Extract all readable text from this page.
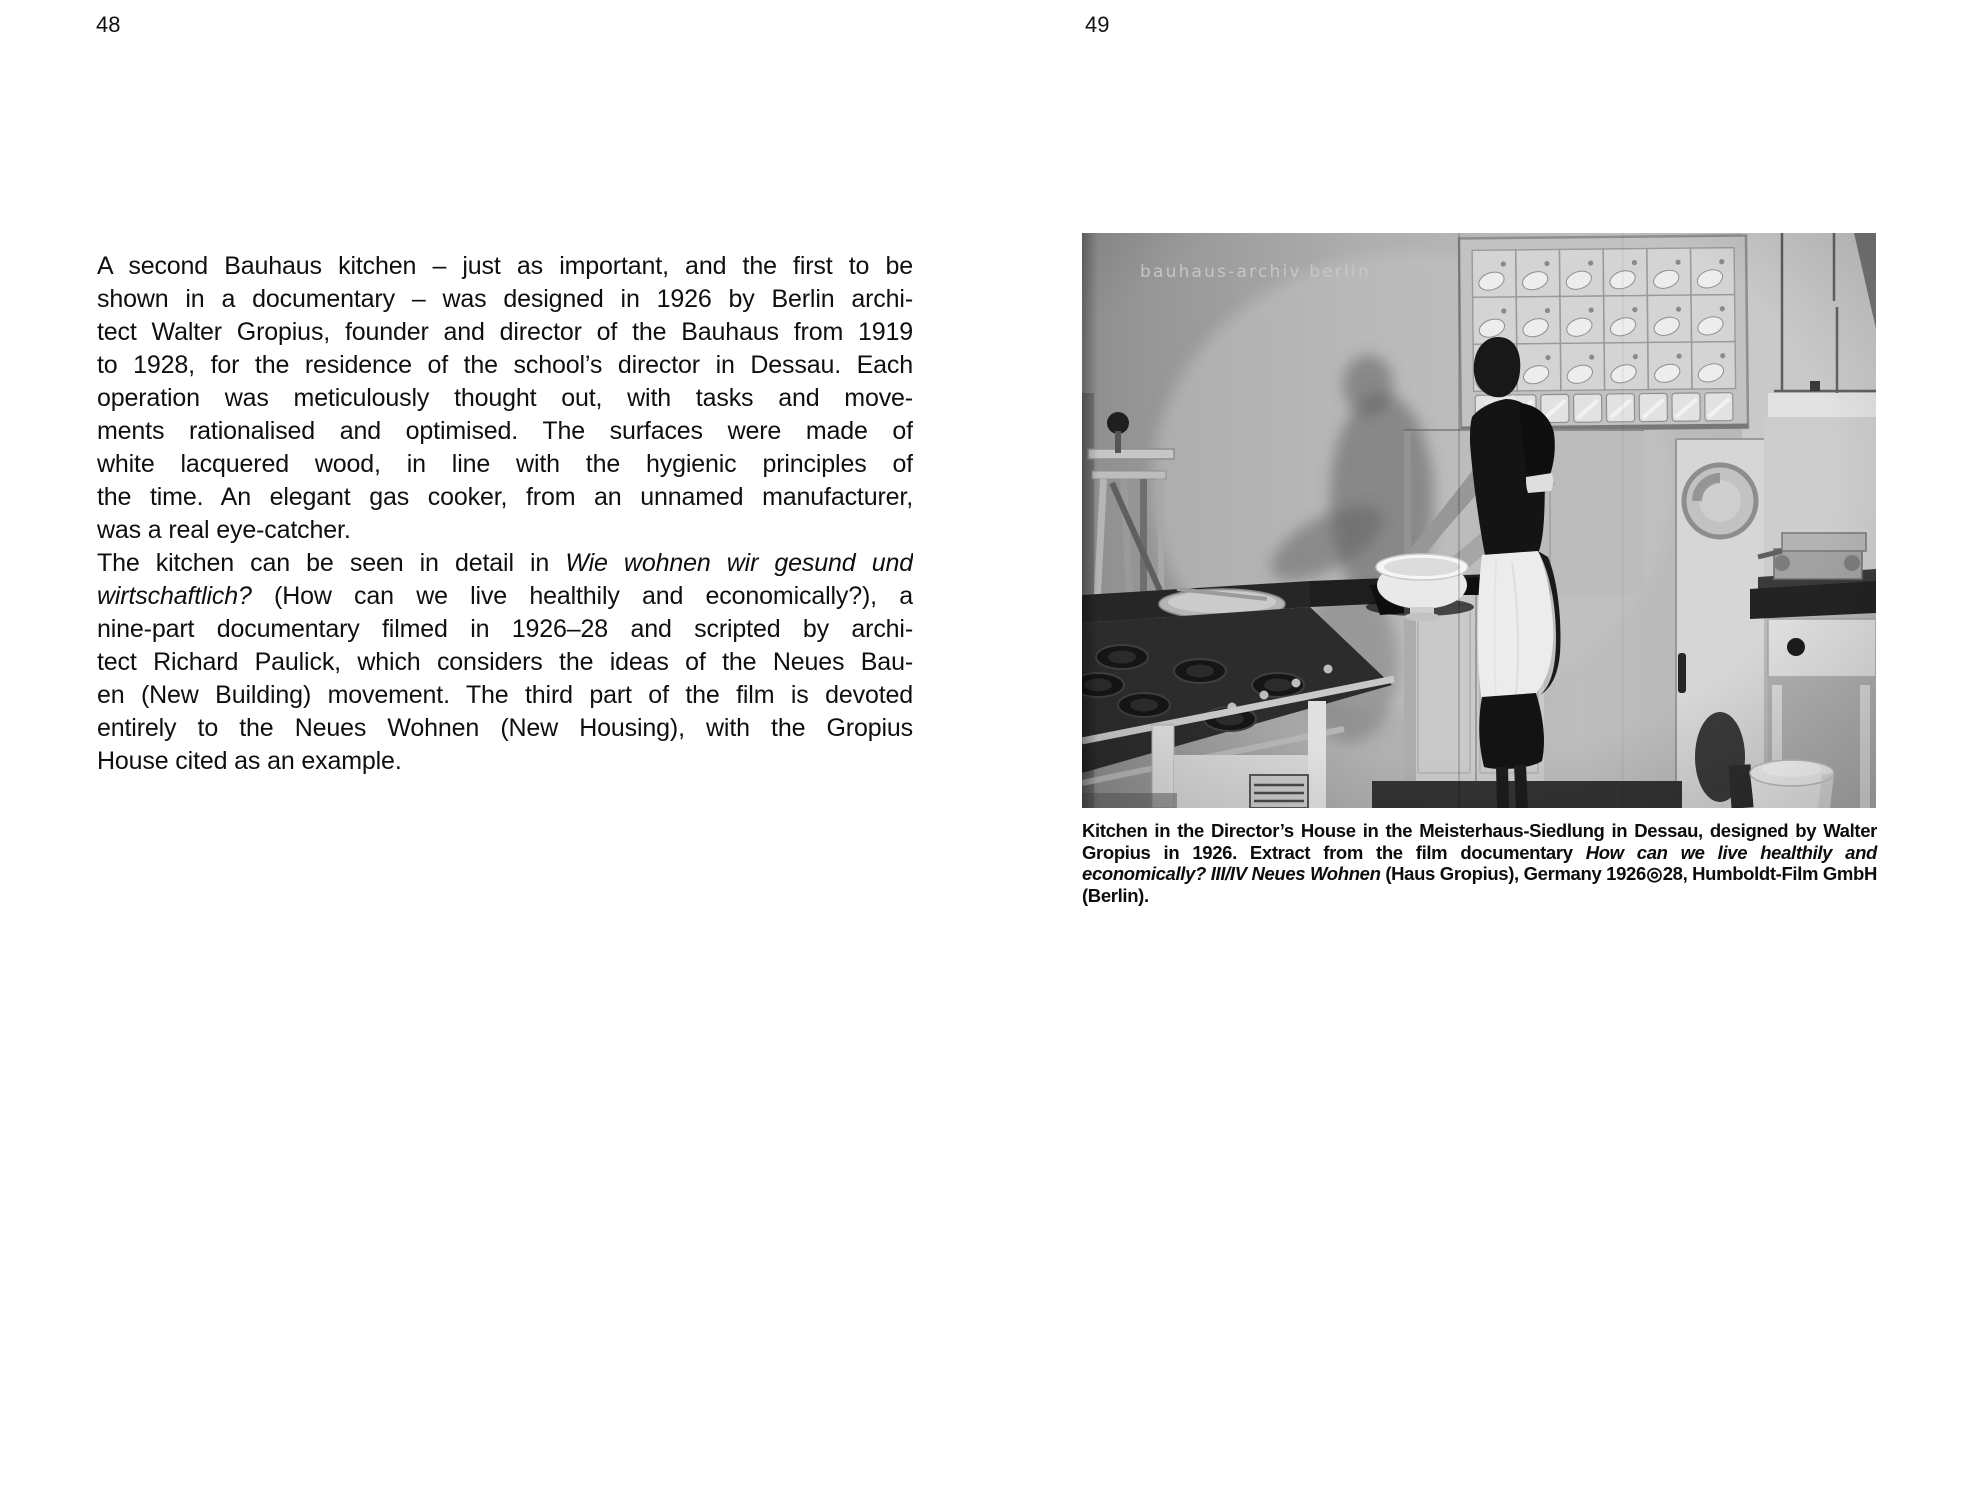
48	49
A second Bauhaus kitchen – just as important, and the first to be
shown in a documentary – was designed in 1926 by Berlin archi-
tect Walter Gropius, founder and director of the Bauhaus from 1919
to 1928, for the residence of the school’s director in Dessau. Each
operation was meticulously thought out, with tasks and move-
ments rationalised and optimised. The surfaces were made of
white lacquered wood, in line with the hygienic principles of
the time. An elegant gas cooker, from an unnamed manufacturer,
was a real eye-catcher.
The kitchen can be seen in detail in Wie wohnen wir gesund und
wirtschaftlich? (How can we live healthily and economically?), a
nine-part documentary filmed in 1926–28 and scripted by archi-
tect Richard Paulick, which considers the ideas of the Neues Bau-
en (New Building) movement. The third part of the film is devoted
entirely to the Neues Wohnen (New Housing), with the Gropius
House cited as an example.

Kitchen in the Director’s House in the Meisterhaus-Siedlung in Dessau, designed by Walter Gropius in 1926. Extract from the film documentary How can we live healthily and economically? III/IV Neues Wohnen (Haus Gropius), Germany 1926◎28, Humboldt-Film GmbH (Berlin).
